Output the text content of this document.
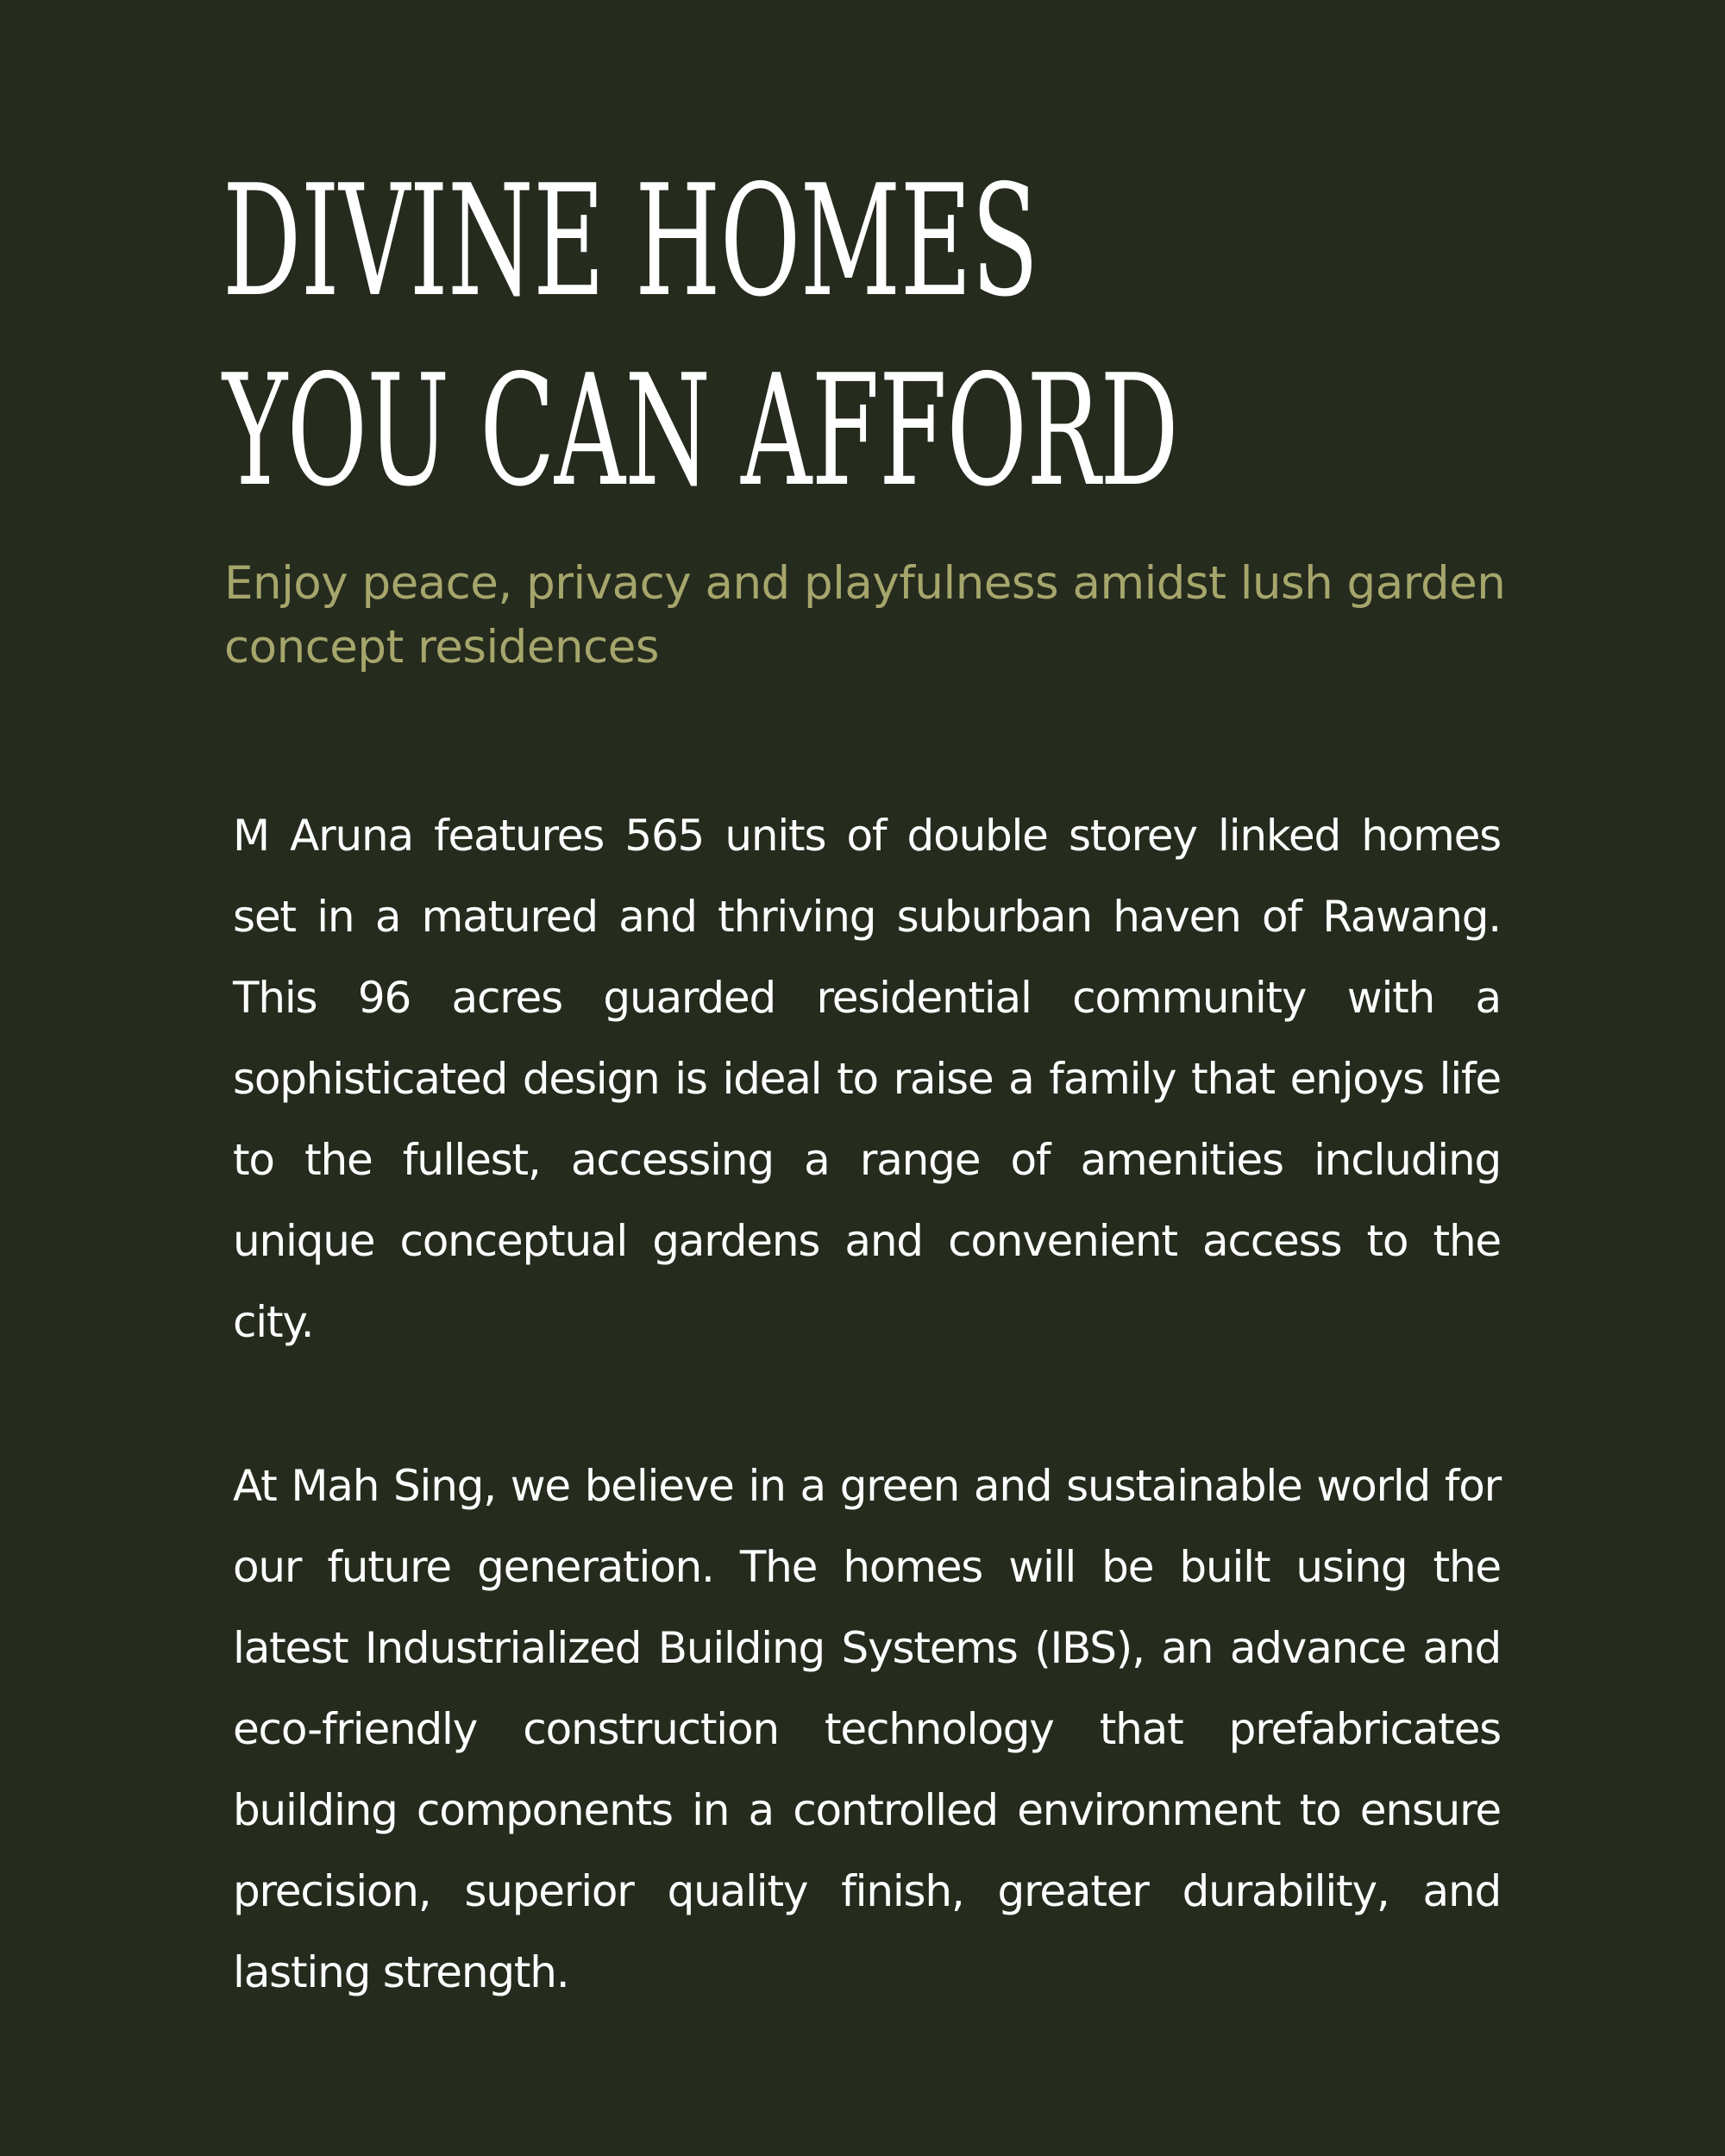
DIVINE HOMES
YOU CAN AFFORD

Enjoy peace, privacy and playfulness amidst lush garden concept residences

M Aruna features 565 units of double storey linked homes set in a matured and thriving suburban haven of Rawang. This 96 acres guarded residential community with a sophisticated design is ideal to raise a family that enjoys life to the fullest, accessing a range of amenities including unique conceptual gardens and convenient access to the city.

At Mah Sing, we believe in a green and sustainable world for our future generation. The homes will be built using the latest Industrialized Building Systems (IBS), an advance and eco-friendly construction technology that prefabricates building components in a controlled environment to ensure precision, superior quality finish, greater durability, and lasting strength.
